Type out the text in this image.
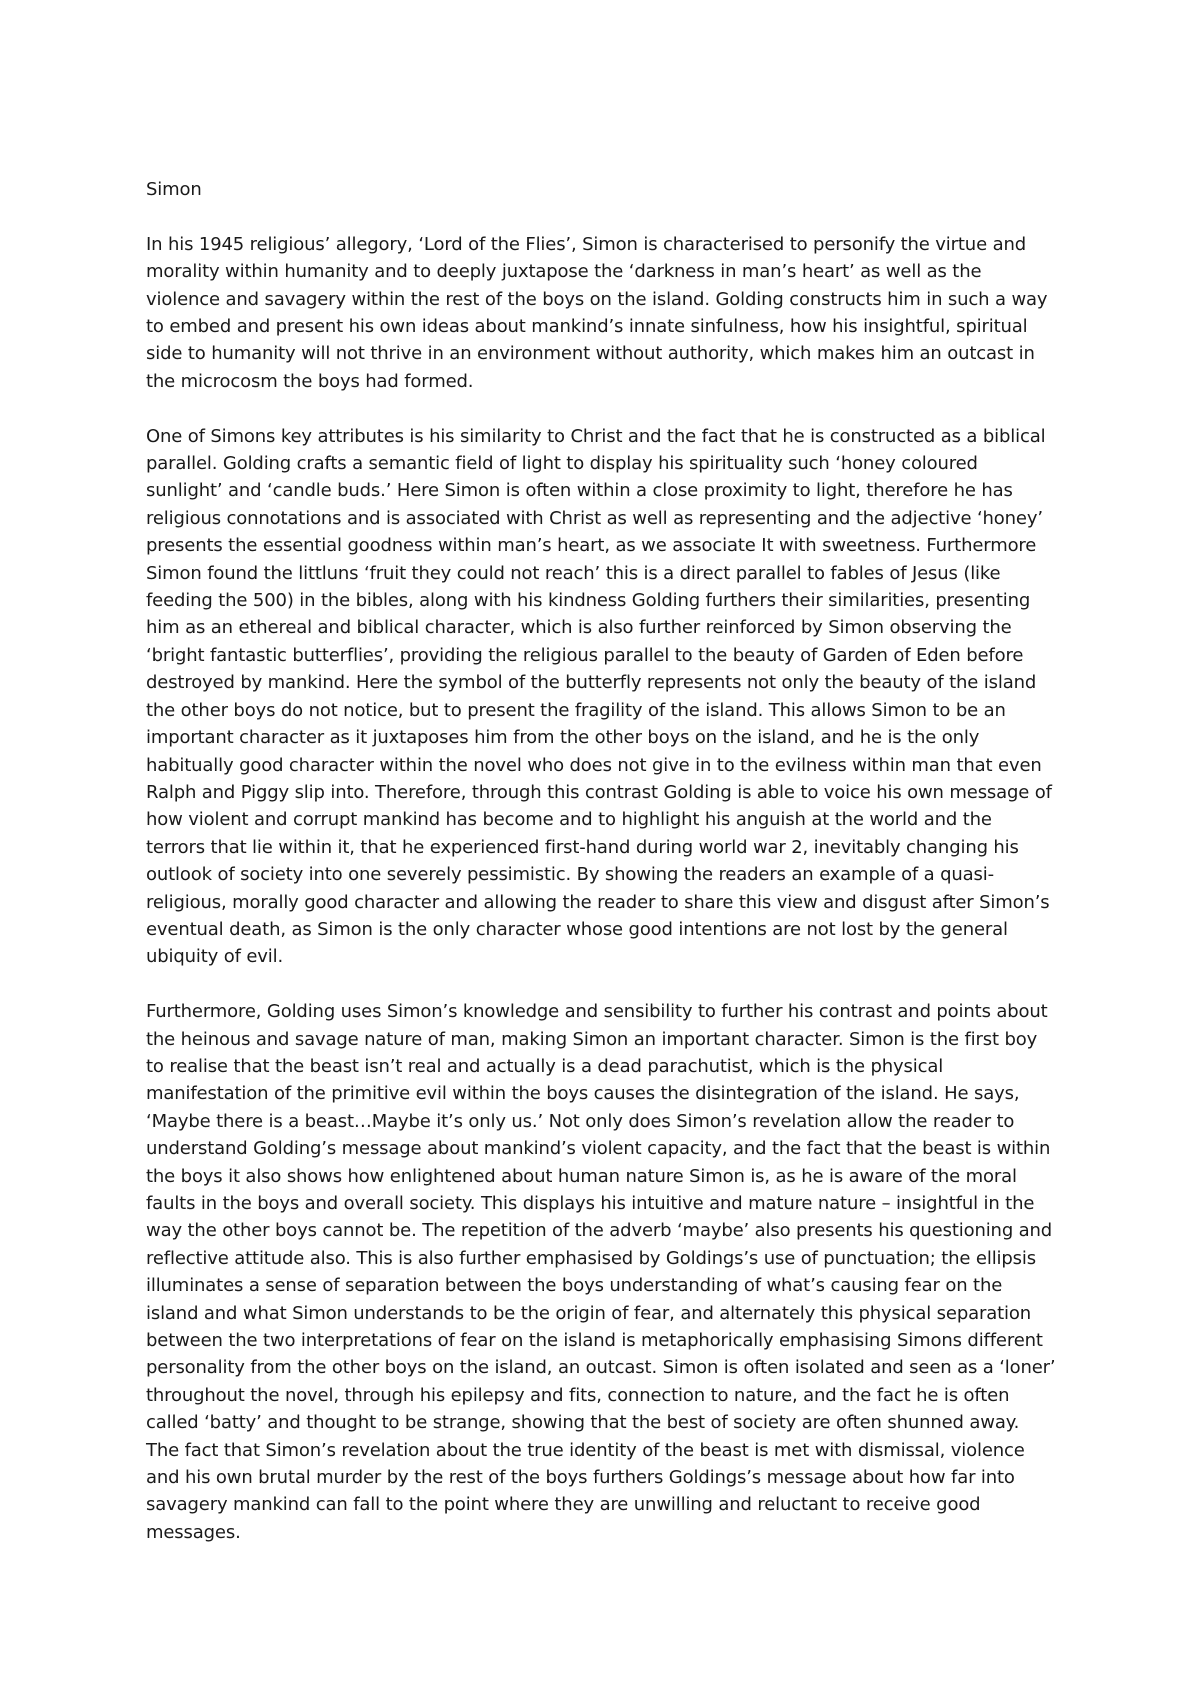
Simon

In his 1945 religious’ allegory, ‘Lord of the Flies’, Simon is characterised to personify the virtue and morality within humanity and to deeply juxtapose the ‘darkness in man’s heart’ as well as the violence and savagery within the rest of the boys on the island. Golding constructs him in such a way to embed and present his own ideas about mankind’s innate sinfulness, how his insightful, spiritual side to humanity will not thrive in an environment without authority, which makes him an outcast in the microcosm the boys had formed.

One of Simons key attributes is his similarity to Christ and the fact that he is constructed as a biblical parallel. Golding crafts a semantic field of light to display his spirituality such ‘honey coloured sunlight’ and ‘candle buds.’ Here Simon is often within a close proximity to light, therefore he has religious connotations and is associated with Christ as well as representing and the adjective ‘honey’ presents the essential goodness within man’s heart, as we associate It with sweetness. Furthermore Simon found the littluns ‘fruit they could not reach’ this is a direct parallel to fables of Jesus (like feeding the 500) in the bibles, along with his kindness Golding furthers their similarities, presenting him as an ethereal and biblical character, which is also further reinforced by Simon observing the ‘bright fantastic butterflies’, providing the religious parallel to the beauty of Garden of Eden before destroyed by mankind. Here the symbol of the butterfly represents not only the beauty of the island the other boys do not notice, but to present the fragility of the island. This allows Simon to be an important character as it juxtaposes him from the other boys on the island, and he is the only habitually good character within the novel who does not give in to the evilness within man that even Ralph and Piggy slip into. Therefore, through this contrast Golding is able to voice his own message of how violent and corrupt mankind has become and to highlight his anguish at the world and the terrors that lie within it, that he experienced first-hand during world war 2, inevitably changing his outlook of society into one severely pessimistic. By showing the readers an example of a quasi-religious, morally good character and allowing the reader to share this view and disgust after Simon’s eventual death, as Simon is the only character whose good intentions are not lost by the general ubiquity of evil.

Furthermore, Golding uses Simon’s knowledge and sensibility to further his contrast and points about the heinous and savage nature of man, making Simon an important character. Simon is the first boy to realise that the beast isn’t real and actually is a dead parachutist, which is the physical manifestation of the primitive evil within the boys causes the disintegration of the island. He says, ‘Maybe there is a beast…Maybe it’s only us.’ Not only does Simon’s revelation allow the reader to understand Golding’s message about mankind’s violent capacity, and the fact that the beast is within the boys it also shows how enlightened about human nature Simon is, as he is aware of the moral faults in the boys and overall society. This displays his intuitive and mature nature – insightful in the way the other boys cannot be. The repetition of the adverb ‘maybe’ also presents his questioning and reflective attitude also. This is also further emphasised by Goldings’s use of punctuation; the ellipsis illuminates a sense of separation between the boys understanding of what’s causing fear on the island and what Simon understands to be the origin of fear, and alternately this physical separation between the two interpretations of fear on the island is metaphorically emphasising Simons different personality from the other boys on the island, an outcast. Simon is often isolated and seen as a ‘loner’ throughout the novel, through his epilepsy and fits, connection to nature, and the fact he is often called ‘batty’ and thought to be strange, showing that the best of society are often shunned away. The fact that Simon’s revelation about the true identity of the beast is met with dismissal, violence and his own brutal murder by the rest of the boys furthers Goldings’s message about how far into savagery mankind can fall to the point where they are unwilling and reluctant to receive good messages.
